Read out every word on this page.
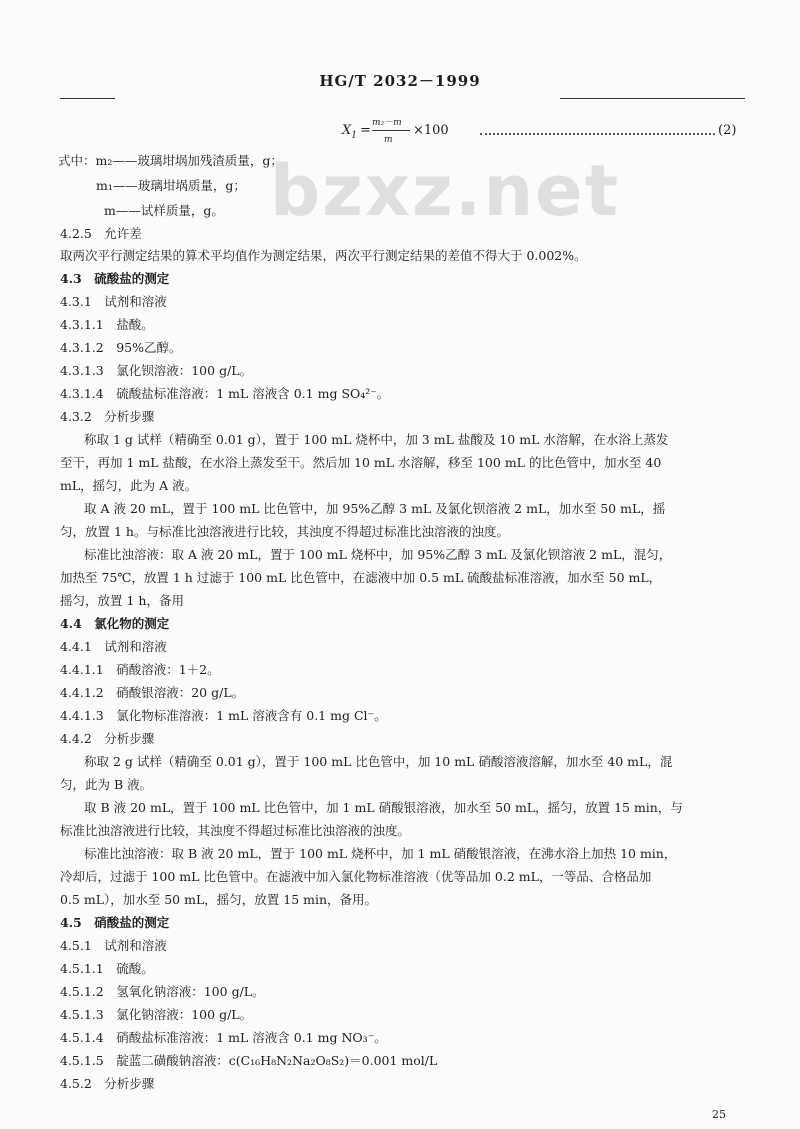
HG/T 2032－1999
bzxz.net
$X_1 = m_2-m$
m
×100	(2)
式中：m₂——玻璃坩埚加残渣质量，g；
m₁——玻璃坩埚质量，g；
m——试样质量，g。
4.2.5　允许差
取两次平行测定结果的算术平均值作为测定结果，两次平行测定结果的差值不得大于 0.002%。
4.3　硫酸盐的测定
4.3.1　试剂和溶液
4.3.1.1　盐酸。
4.3.1.2　95%乙醇。
4.3.1.3　氯化钡溶液：100 g/L。
4.3.1.4　硫酸盐标准溶液：1 mL 溶液含 0.1 mg SO₄²⁻。
4.3.2　分析步骤
称取 1 g 试样（精确至 0.01 g），置于 100 mL 烧杯中，加 3 mL 盐酸及 10 mL 水溶解，在水浴上蒸发
至干，再加 1 mL 盐酸，在水浴上蒸发至干。然后加 10 mL 水溶解，移至 100 mL 的比色管中，加水至 40
mL，摇匀，此为 A 液。
取 A 液 20 mL，置于 100 mL 比色管中，加 95%乙醇 3 mL 及氯化钡溶液 2 mL，加水至 50 mL，摇
匀，放置 1 h。与标准比浊溶液进行比较，其浊度不得超过标准比浊溶液的浊度。
标准比浊溶液：取 A 液 20 mL，置于 100 mL 烧杯中，加 95%乙醇 3 mL 及氯化钡溶液 2 mL，混匀，
加热至 75℃，放置 1 h 过滤于 100 mL 比色管中，在滤液中加 0.5 mL 硫酸盐标准溶液，加水至 50 mL，
摇匀，放置 1 h，备用
4.4　氯化物的测定
4.4.1　试剂和溶液
4.4.1.1　硝酸溶液：1＋2。
4.4.1.2　硝酸银溶液：20 g/L。
4.4.1.3　氯化物标准溶液：1 mL 溶液含有 0.1 mg Cl⁻。
4.4.2　分析步骤
称取 2 g 试样（精确至 0.01 g），置于 100 mL 比色管中，加 10 mL 硝酸溶液溶解，加水至 40 mL，混
匀，此为 B 液。
取 B 液 20 mL，置于 100 mL 比色管中，加 1 mL 硝酸银溶液，加水至 50 mL，摇匀，放置 15 min，与
标准比浊溶液进行比较，其浊度不得超过标准比浊溶液的浊度。
标准比浊溶液：取 B 液 20 mL，置于 100 mL 烧杯中，加 1 mL 硝酸银溶液，在沸水浴上加热 10 min，
冷却后，过滤于 100 mL 比色管中。在滤液中加入氯化物标准溶液（优等品加 0.2 mL，一等品、合格品加
0.5 mL），加水至 50 mL，摇匀，放置 15 min，备用。
4.5　硝酸盐的测定
4.5.1　试剂和溶液
4.5.1.1　硫酸。
4.5.1.2　氢氧化钠溶液：100 g/L。
4.5.1.3　氯化钠溶液：100 g/L。
4.5.1.4　硝酸盐标准溶液：1 mL 溶液含 0.1 mg NO₃⁻。
4.5.1.5　靛蓝二磺酸钠溶液：c(C₁₆H₈N₂Na₂O₈S₂)＝0.001 mol/L
4.5.2　分析步骤
25
